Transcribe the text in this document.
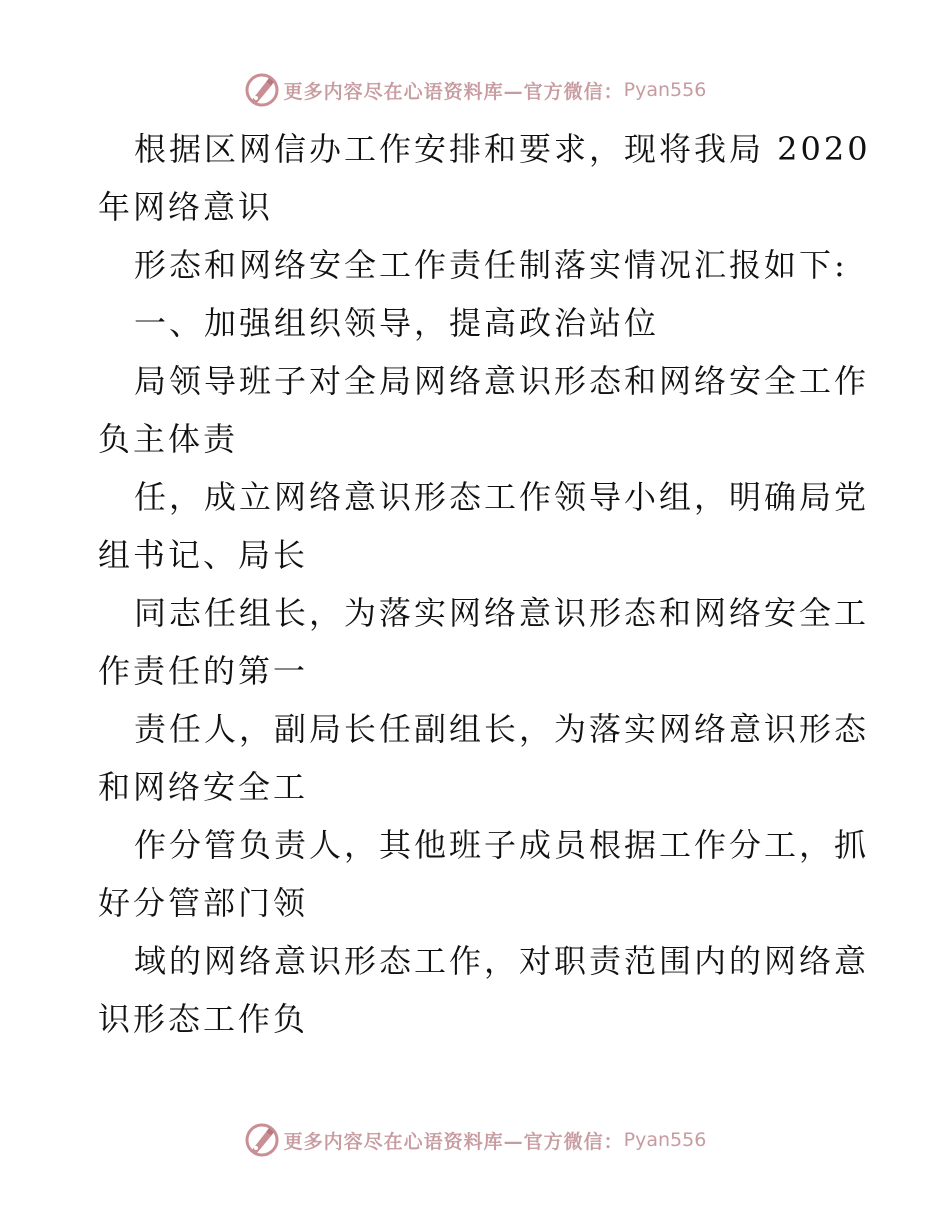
更多内容尽在心语资料库—官方微信： Pyan556
根据区网信办工作安排和要求，现将我局 2020
年网络意识
形态和网络安全工作责任制落实情况汇报如下:
一、加强组织领导，提高政治站位
局领导班子对全局网络意识形态和网络安全工作
负主体责
任，成立网络意识形态工作领导小组，明确局党
组书记、局长
同志任组长，为落实网络意识形态和网络安全工
作责任的第一
责任人，副局长任副组长，为落实网络意识形态
和网络安全工
作分管负责人，其他班子成员根据工作分工，抓
好分管部门领
域的网络意识形态工作，对职责范围内的网络意
识形态工作负
更多内容尽在心语资料库—官方微信： Pyan556
